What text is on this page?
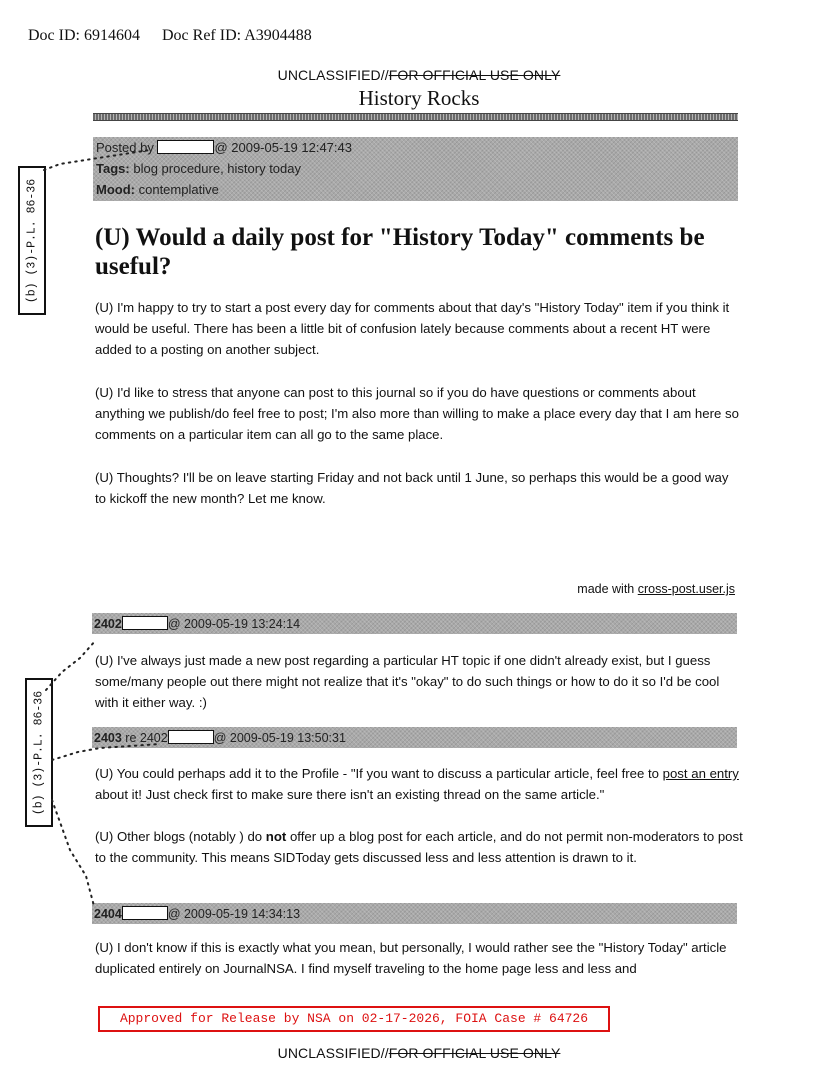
Doc ID: 6914604 Doc Ref ID: A3904488
UNCLASSIFIED//FOR OFFICIAL USE ONLY
History Rocks
Posted by	@ 2009-05-19 12:47:43
Tags: blog procedure, history today
Mood: contemplative
(U) Would a daily post for "History Today" comments be useful?
(U) I'm happy to try to start a post every day for comments about that day's "History Today" item if you think it would be useful. There has been a little bit of confusion lately because comments about a recent HT were added to a posting on another subject.
(U) I'd like to stress that anyone can post to this journal so if you do have questions or comments about anything we publish/do feel free to post; I'm also more than willing to make a place every day that I am here so comments on a particular item can all go to the same place.
(U) Thoughts? I'll be on leave starting Friday and not back until 1 June, so perhaps this would be a good way to kickoff the new month? Let me know.
made with cross-post.user.js
2402	@ 2009-05-19 13:24:14
(U) I've always just made a new post regarding a particular HT topic if one didn't already exist, but I guess some/many people out there might not realize that it's "okay" to do such things or how to do it so I'd be cool with it either way. :)
2403 re 2402	@ 2009-05-19 13:50:31
(U) You could perhaps add it to the Profile - "If you want to discuss a particular article, feel free to post an entry about it! Just check first to make sure there isn't an existing thread on the same article."
(U) Other blogs (notably ) do not offer up a blog post for each article, and do not permit non-moderators to post to the community. This means SIDToday gets discussed less and less attention is drawn to it.
2404	@ 2009-05-19 14:34:13
(U) I don't know if this is exactly what you mean, but personally, I would rather see the "History Today" article duplicated entirely on JournalNSA. I find myself traveling to the home page less and less and
(b) (3)-P.L. 86-36
(b) (3)-P.L. 86-36
Approved for Release by NSA on 02-17-2026, FOIA Case # 64726
UNCLASSIFIED//FOR OFFICIAL USE ONLY
